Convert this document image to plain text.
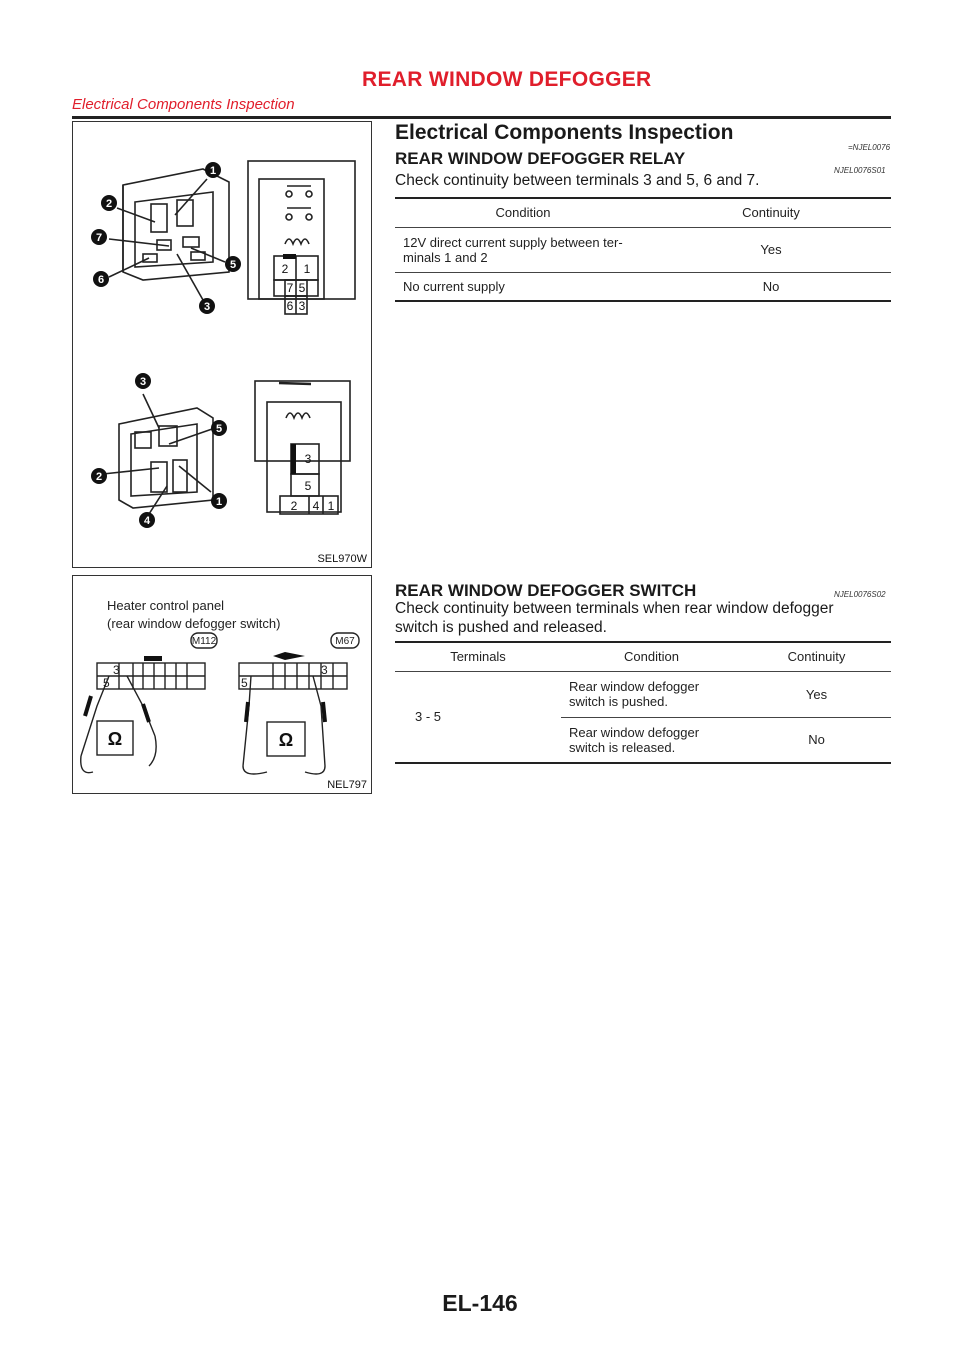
REAR WINDOW DEFOGGER
Electrical Components Inspection
1
2
7
6
5
3
3
5
2
1
4
2 1
7 5
6 3
3
5
2 4 1
SEL970W
Heater control panel
(rear window defogger switch)
M112	M67
3
5	5
3
Ω	Ω
NEL797
Electrical Components Inspection
=NJEL0076
REAR WINDOW DEFOGGER RELAY
NJEL0076S01
Check continuity between terminals 3 and 5, 6 and 7.
Condition	Continuity

12V direct current supply between ter-
minals 1 and 2	Yes
No current supply	No
REAR WINDOW DEFOGGER SWITCH	NJEL0076S02
Check continuity between terminals when rear window defogger
switch is pushed and released.
Terminals	Condition	Continuity
3 - 5	Rear window defogger
switch is pushed.	Yes

	Rear window defogger
switch is released.	No
EL-146
